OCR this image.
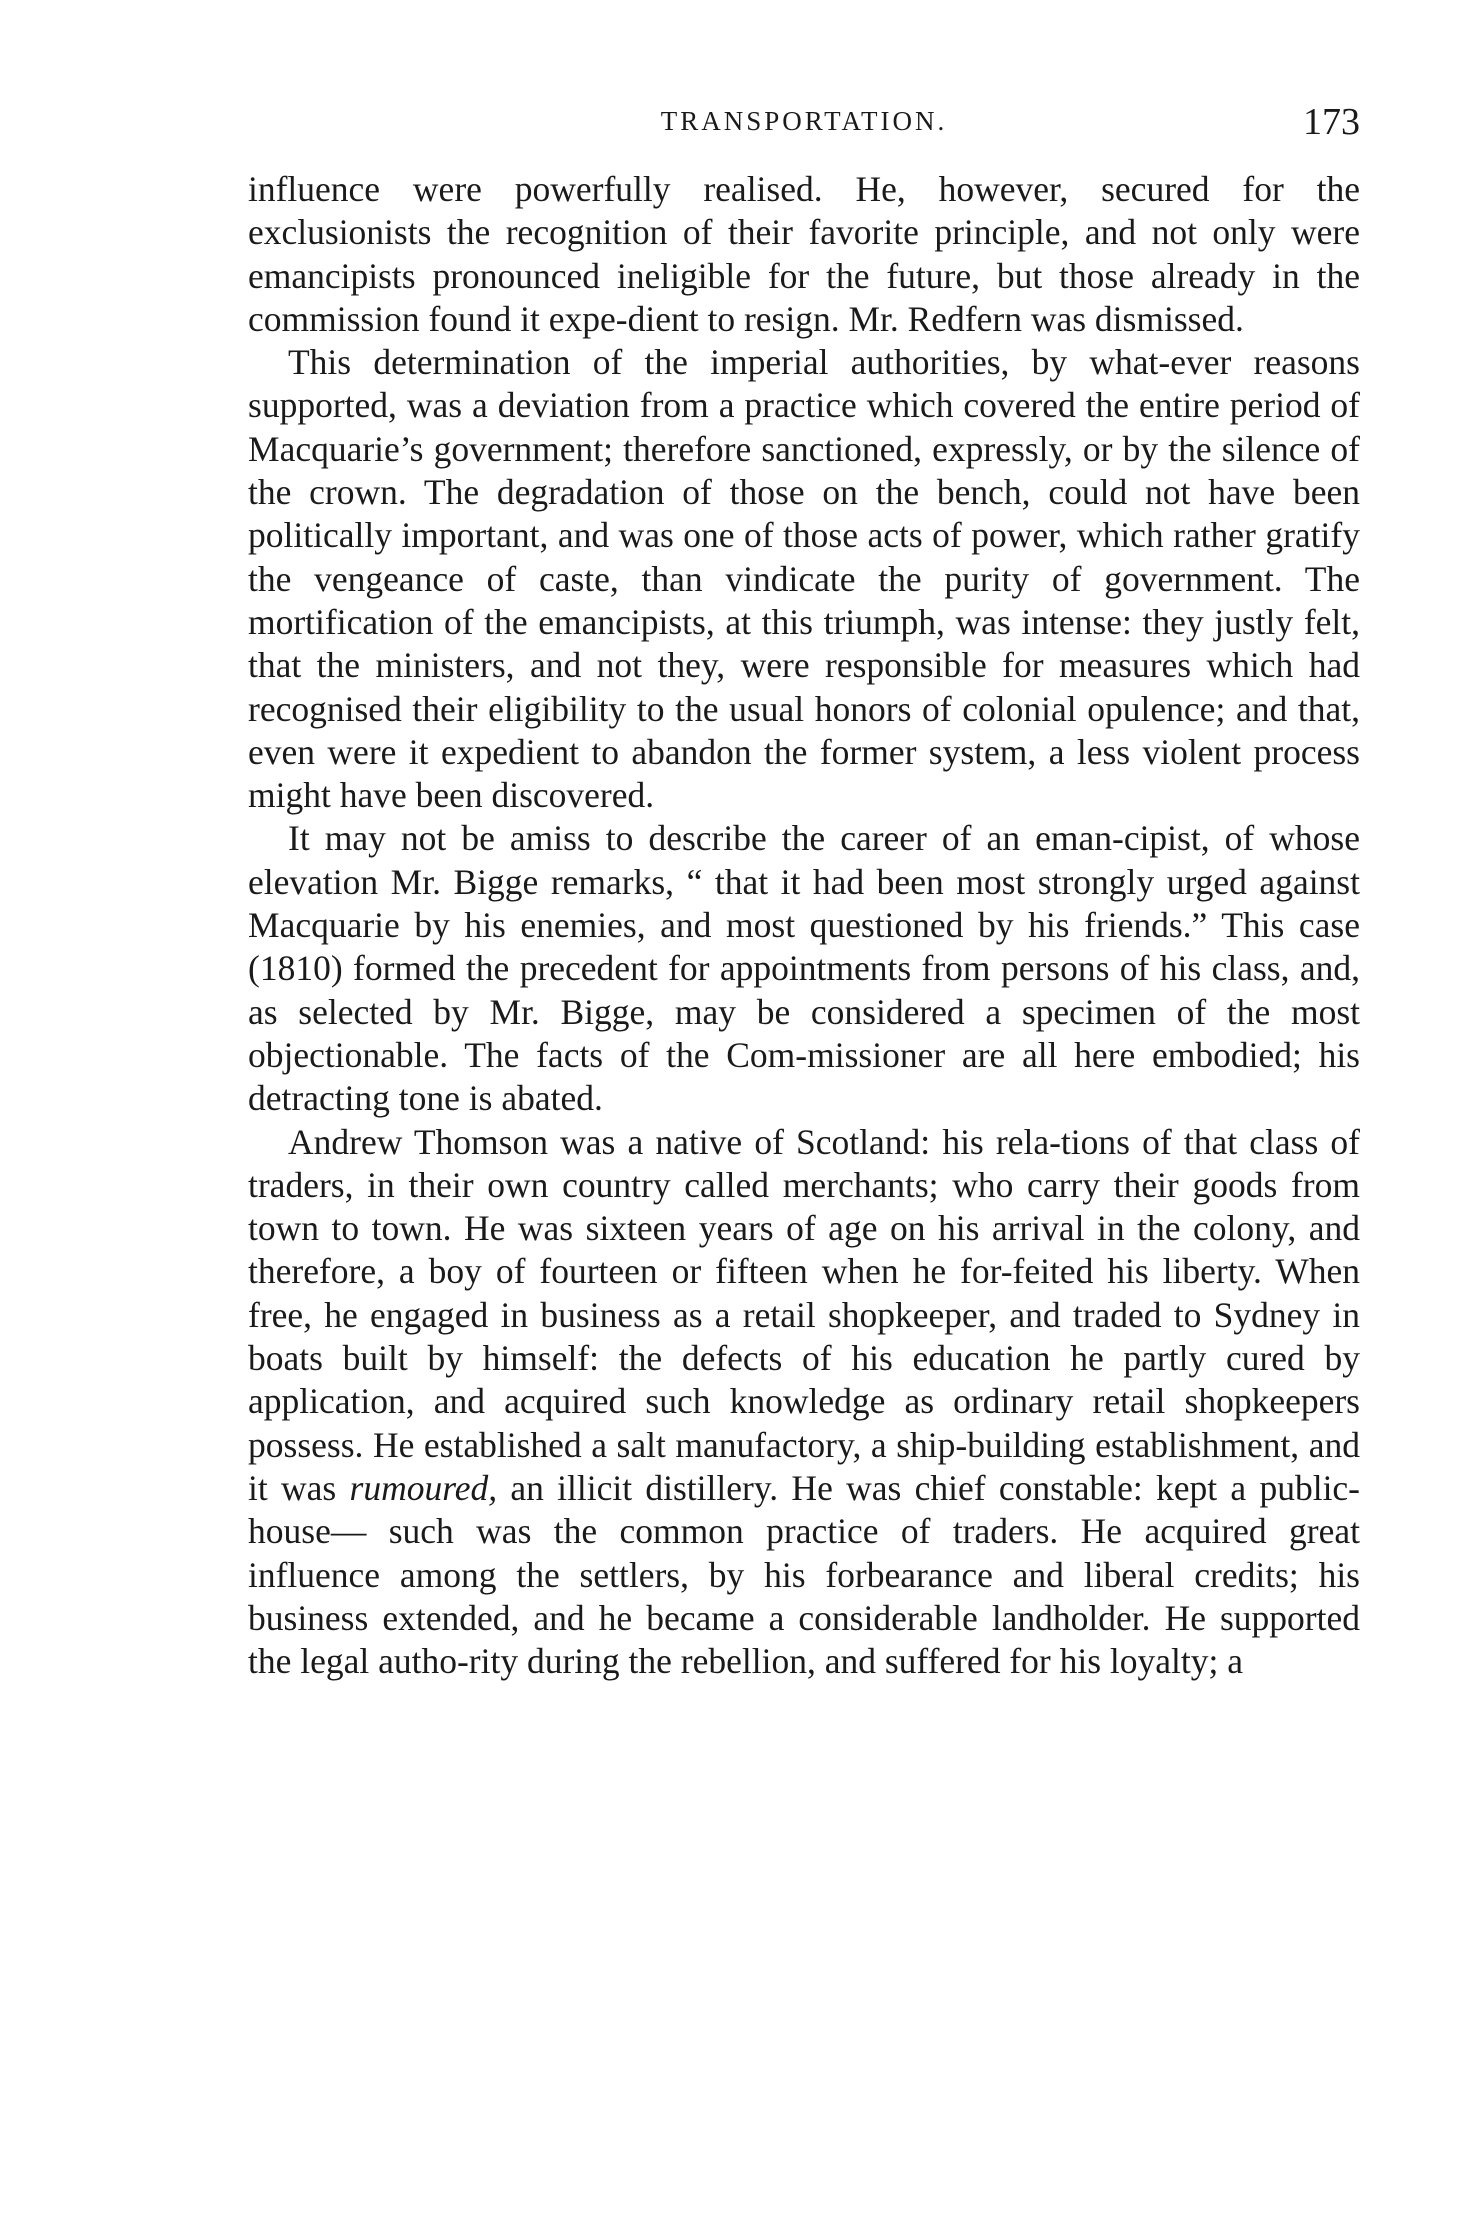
TRANSPORTATION.	173

influence were powerfully realised. He, however, secured for the exclusionists the recognition of their favorite principle, and not only were emancipists pronounced ineligible for the future, but those already in the commission found it expe-dient to resign. Mr. Redfern was dismissed.

This determination of the imperial authorities, by what-ever reasons supported, was a deviation from a practice which covered the entire period of Macquarie’s government; therefore sanctioned, expressly, or by the silence of the crown. The degradation of those on the bench, could not have been politically important, and was one of those acts of power, which rather gratify the vengeance of caste, than vindicate the purity of government. The mortification of the emancipists, at this triumph, was intense: they justly felt, that the ministers, and not they, were responsible for measures which had recognised their eligibility to the usual honors of colonial opulence; and that, even were it expedient to abandon the former system, a less violent process might have been discovered.

It may not be amiss to describe the career of an eman-cipist, of whose elevation Mr. Bigge remarks, “ that it had been most strongly urged against Macquarie by his enemies, and most questioned by his friends.” This case (1810) formed the precedent for appointments from persons of his class, and, as selected by Mr. Bigge, may be considered a specimen of the most objectionable. The facts of the Com-missioner are all here embodied; his detracting tone is abated.

Andrew Thomson was a native of Scotland: his rela-tions of that class of traders, in their own country called merchants; who carry their goods from town to town. He was sixteen years of age on his arrival in the colony, and therefore, a boy of fourteen or fifteen when he for-feited his liberty. When free, he engaged in business as a retail shopkeeper, and traded to Sydney in boats built by himself: the defects of his education he partly cured by application, and acquired such knowledge as ordinary retail shopkeepers possess. He established a salt manufactory, a ship-building establishment, and it was rumoured, an illicit distillery. He was chief constable: kept a public-house— such was the common practice of traders. He acquired great influence among the settlers, by his forbearance and liberal credits; his business extended, and he became a considerable landholder. He supported the legal autho-rity during the rebellion, and suffered for his loyalty; a
